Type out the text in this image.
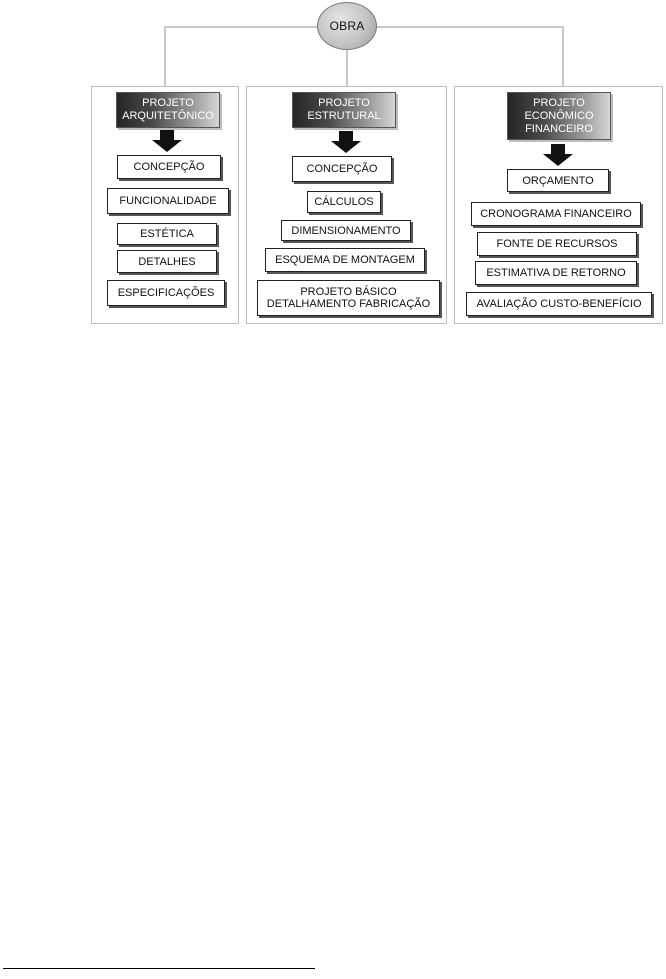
OBRA
PROJETO
ARQUITETÔNICO
CONCEPÇÃO
FUNCIONALIDADE
ESTÉTICA
DETALHES
ESPECIFICAÇÕES
PROJETO
ESTRUTURAL
CONCEPÇÃO
CÁLCULOS
DIMENSIONAMENTO
ESQUEMA DE MONTAGEM
PROJETO BÁSICO
DETALHAMENTO FABRICAÇÃO
PROJETO
ECONÔMICO
FINANCEIRO
ORÇAMENTO
CRONOGRAMA FINANCEIRO
FONTE DE RECURSOS
ESTIMATIVA DE RETORNO
AVALIAÇÃO CUSTO-BENEFÍCIO
